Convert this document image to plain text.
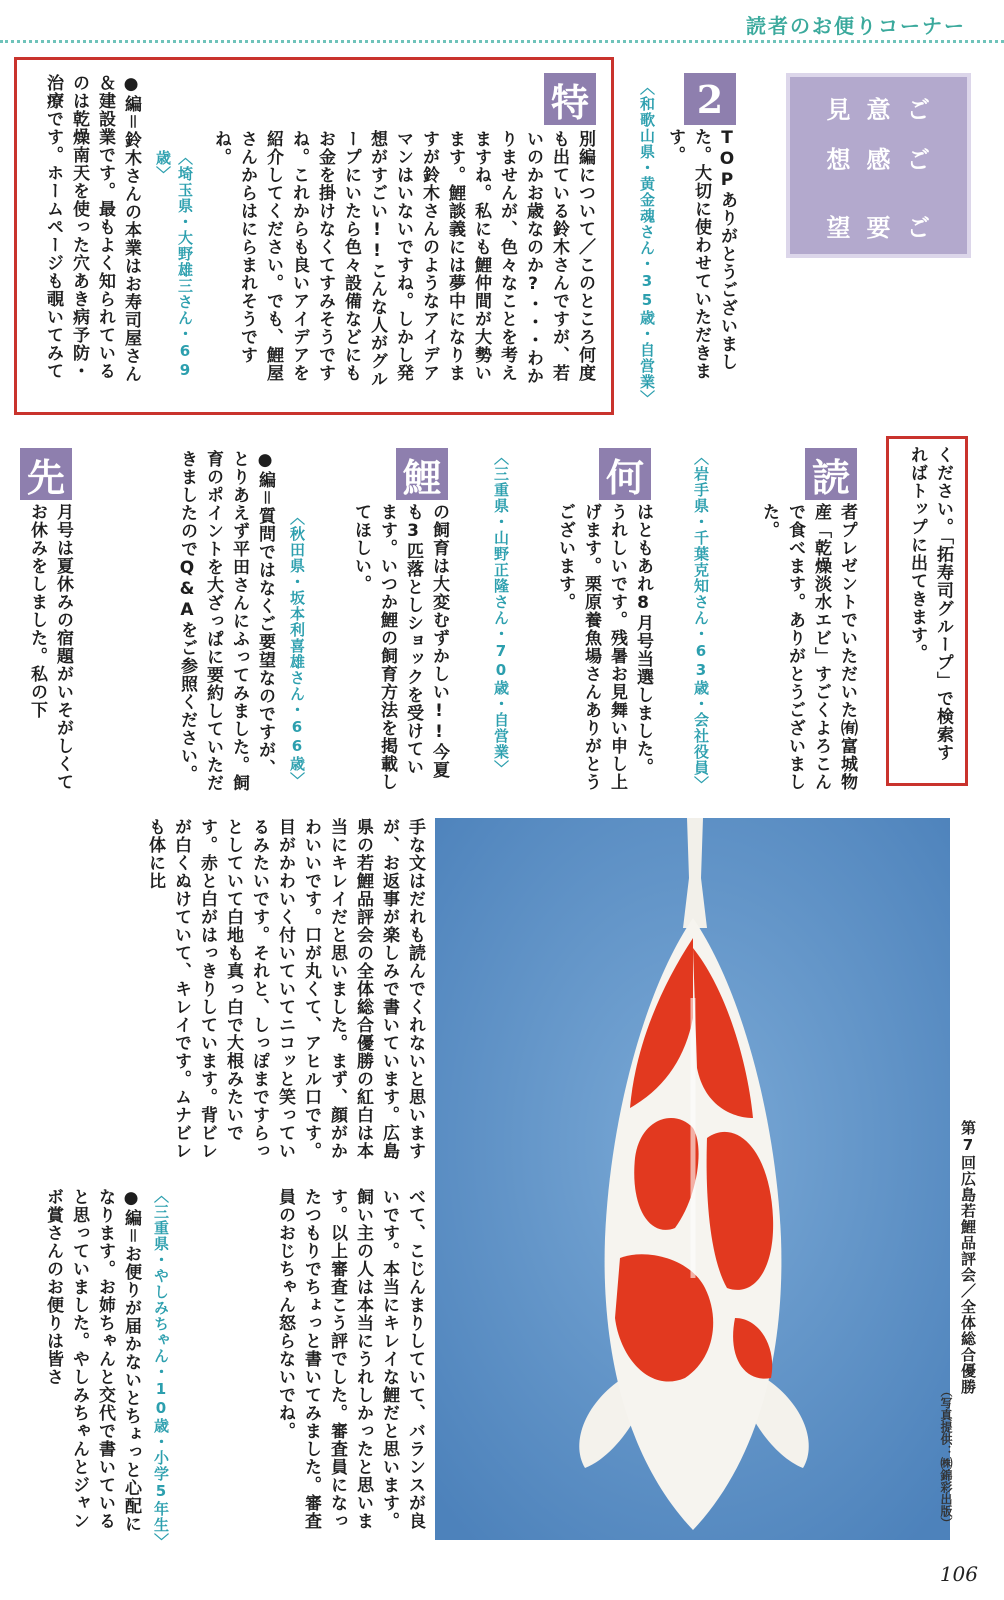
読者のお便りコーナー
ご意見
ご感想
ご要望
2
TOPありがとうございました。大切に使わせていただきます。
〈和歌山県・黄金魂さん・35歳・自営業〉
特
別編について／このところ何度も出ている鈴木さんですが、若いのかお歳なのか?・・・わかりませんが、色々なことを考えますね。私にも鯉仲間が大勢います。鯉談義には夢中になりますが鈴木さんのようなアイデアマンはいないですね。しかし発想がすごい!!こんな人がグループにいたら色々設備などにもお金を掛けなくてすみそうですね。これからも良いアイデアを紹介してください。でも、鯉屋さんからはにらまれそうですね。
〈埼玉県・大野雄三さん・69歳〉
●編＝鈴木さんの本業はお寿司屋さん＆建設業です。最もよく知られているのは乾燥南天を使った穴あき病予防・治療です。ホームページも覗いてみて
ください。「拓寿司グループ」で検索すればトップに出てきます。
読
者プレゼントでいただいた㈲富城物産「乾燥淡水エビ」すごくよろこんで食べます。ありがとうございました。
〈岩手県・千葉克知さん・63歳・会社役員〉
何
はともあれ8月号当選しました。うれしいです。残暑お見舞い申し上げます。栗原養魚場さんありがとうございます。
〈三重県・山野正隆さん・70歳・自営業〉
鯉
の飼育は大変むずかしい!!今夏も3匹落としショックを受けています。いつか鯉の飼育方法を掲載してほしい。
〈秋田県・坂本利喜雄さん・66歳〉
●編＝質問ではなくご要望なのですが、とりあえず平田さんにふってみました。飼育のポイントを大ざっぱに要約していただきましたのでQ&Aをご参照ください。
先
月号は夏休みの宿題がいそがしくてお休みをしました。私の下
第7回広島若鯉品評会／全体総合優勝
（写真提供：㈱錦彩出版）
手な文はだれも読んでくれないと思いますが、お返事が楽しみで書いています。広島県の若鯉品評会の全体総合優勝の紅白は本当にキレイだと思いました。まず、顔がかわいいです。口が丸くて、アヒル口です。目がかわいく付いていてニコッと笑っているみたいです。それと、しっぽまですらっとしていて白地も真っ白で大根みたいです。赤と白がはっきりしています。背ビレが白くぬけていて、キレイです。ムナビレも体に比
べて、こじんまりしていて、バランスが良いです。本当にキレイな鯉だと思います。飼い主の人は本当にうれしかったと思います。以上審査こう評でした。審査員になったつもりでちょっと書いてみました。審査員のおじちゃん怒らないでね。
〈三重県・やしみちゃん・10歳・小学5年生〉
●編＝お便りが届かないとちょっと心配になります。お姉ちゃんと交代で書いていると思っていました。やしみちゃんとジャンボ賞さんのお便りは皆さ
106
